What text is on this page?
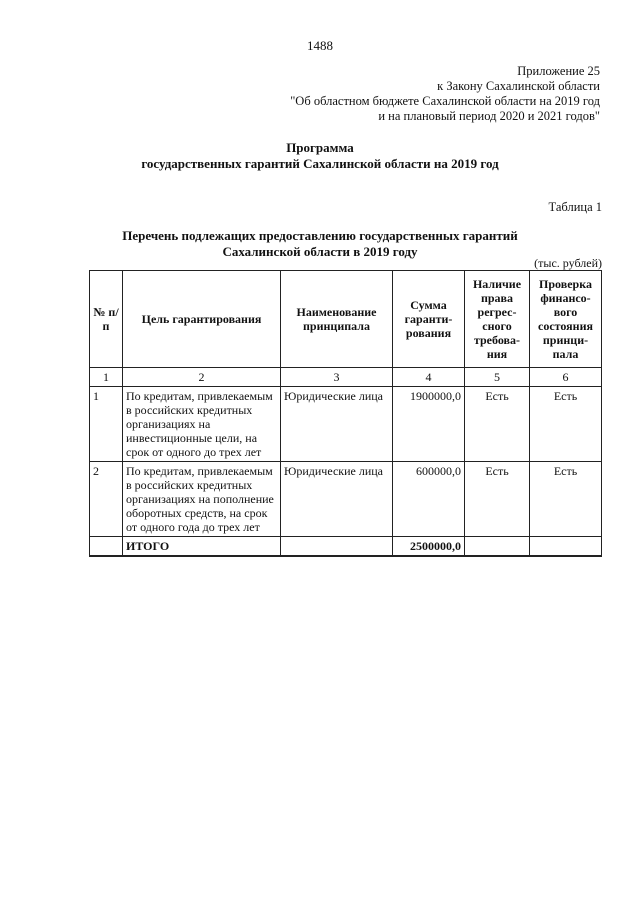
1488
Приложение 25
к Закону Сахалинской области
"Об областном бюджете Сахалинской области на 2019 год
и на плановый период 2020 и 2021 годов"
Программа
государственных гарантий Сахалинской области на 2019 год
Таблица 1
Перечень подлежащих предоставлению государственных гарантий
Сахалинской области в 2019 году
(тыс. рублей)
№ п/п	Цель гарантирования	Наименование принципала	Сумма гаранти-рования	Наличие права регрес-сного требова-ния	Проверка финансо-вого состояния принци-пала
1	2	3	4	5	6
1	По кредитам, привлекаемым в российских кредитных организациях на инвестиционные цели, на срок от одного до трех лет	Юридические лица	1900000,0	Есть	Есть
2	По кредитам, привлекаемым в российских кредитных организациях на пополнение оборотных средств, на срок от одного года до трех лет	Юридические лица	600000,0	Есть	Есть
	ИТОГО		2500000,0		
